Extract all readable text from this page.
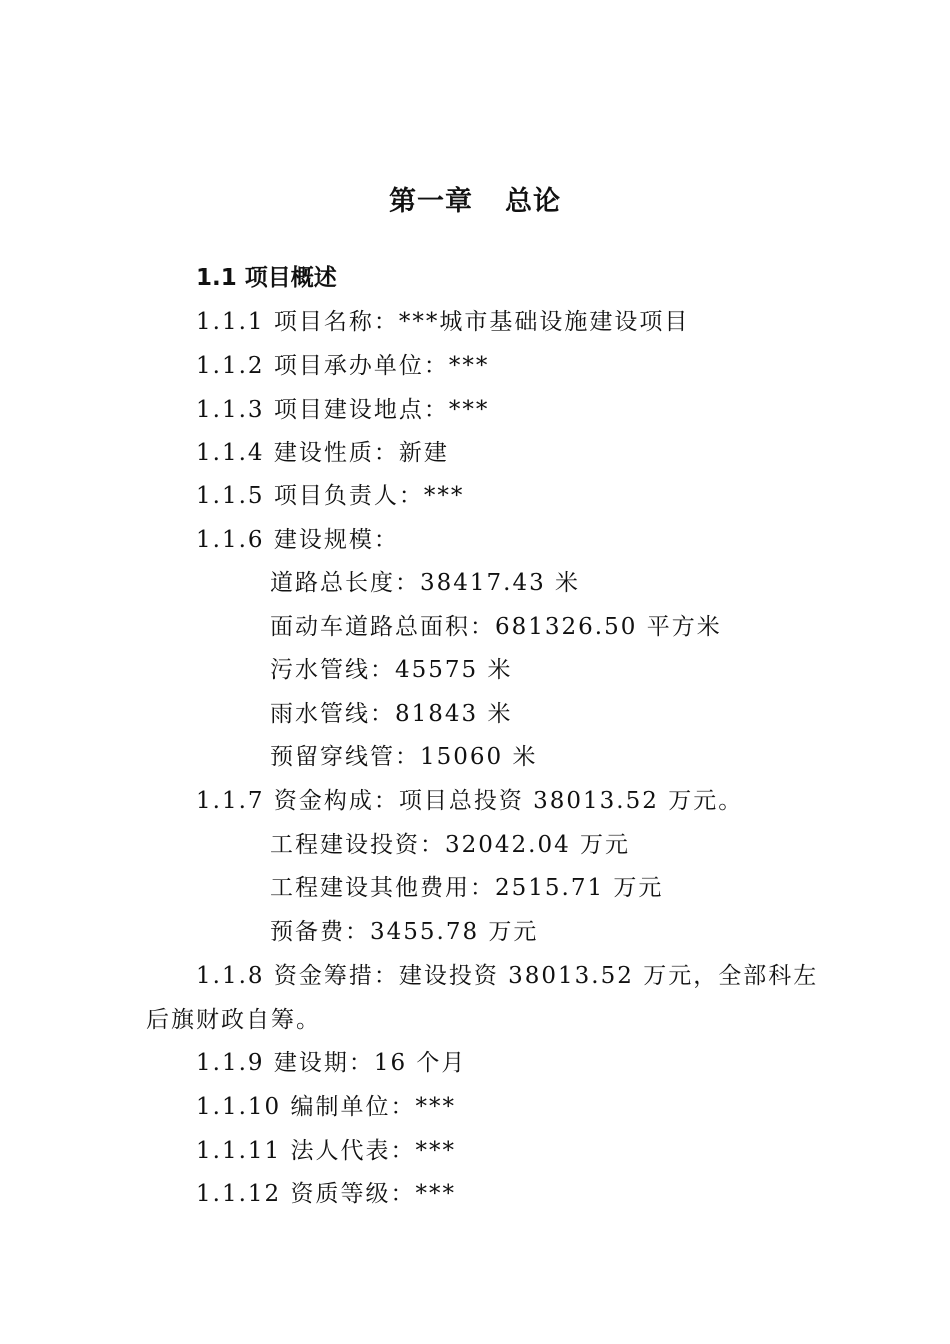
第一章 总论
1.1 项目概述
1.1.1 项目名称：***城市基础设施建设项目
1.1.2 项目承办单位：***
1.1.3 项目建设地点：***
1.1.4 建设性质：新建
1.1.5 项目负责人：***
1.1.6 建设规模：
道路总长度：38417.43 米
面动车道路总面积：681326.50 平方米
污水管线：45575 米
雨水管线：81843 米
预留穿线管：15060 米
1.1.7 资金构成：项目总投资 38013.52 万元。
工程建设投资：32042.04 万元
工程建设其他费用：2515.71 万元
预备费：3455.78 万元
1.1.8 资金筹措：建设投资 38013.52 万元，全部科左
后旗财政自筹。
1.1.9 建设期：16 个月
1.1.10 编制单位：***
1.1.11 法人代表：***
1.1.12 资质等级：***
